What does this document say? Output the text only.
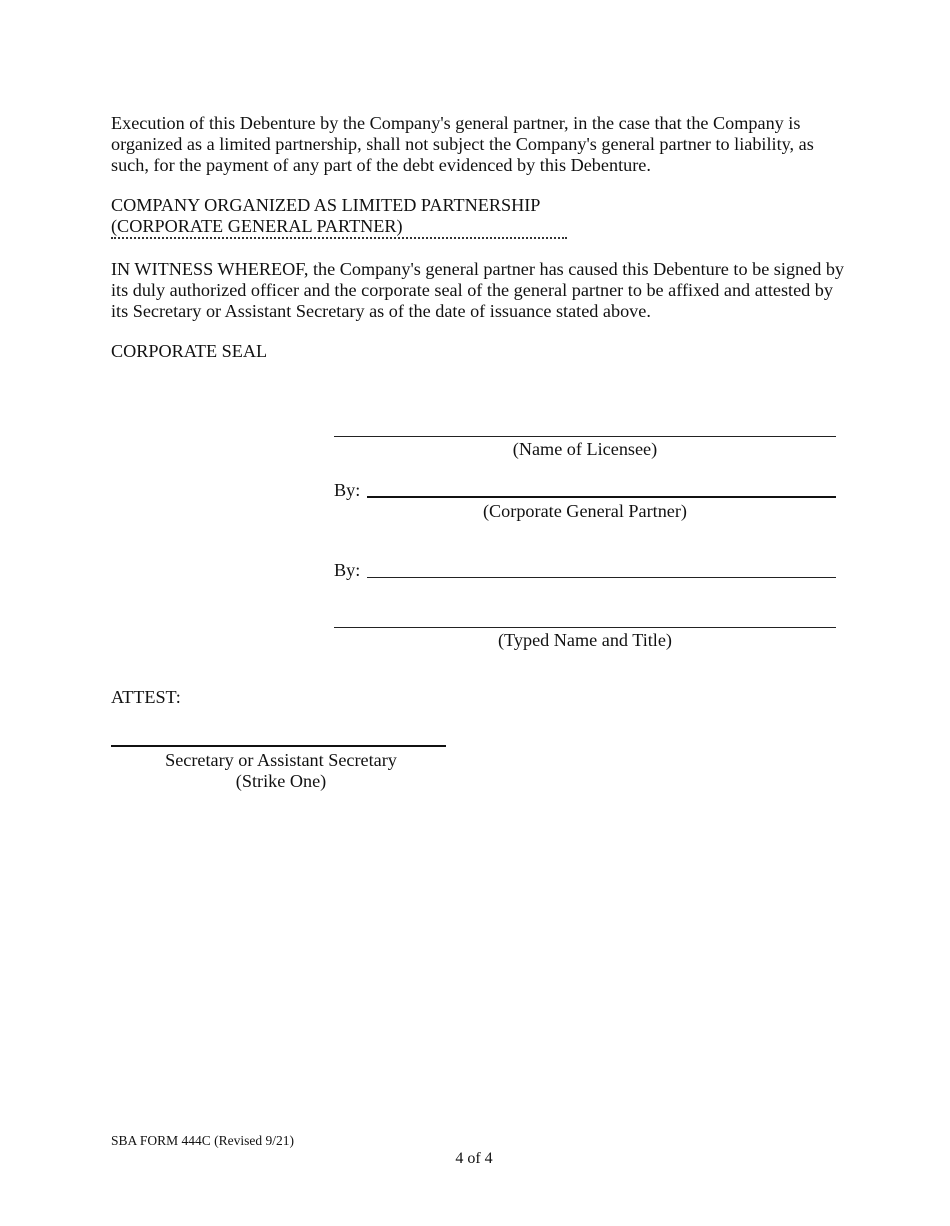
Execution of this Debenture by the Company's general partner, in the case that the Company is organized as a limited partnership, shall not subject the Company's general partner to liability, as such, for the payment of any part of the debt evidenced by this Debenture.

COMPANY ORGANIZED AS LIMITED PARTNERSHIP
(CORPORATE GENERAL PARTNER)

IN WITNESS WHEREOF, the Company's general partner has caused this Debenture to be signed by its duly authorized officer and the corporate seal of the general partner to be affixed and attested by its Secretary or Assistant Secretary as of the date of issuance stated above.

CORPORATE SEAL

(Name of Licensee)
By:
(Corporate General Partner)
By:
(Typed Name and Title)

ATTEST:

Secretary or Assistant Secretary
(Strike One)
SBA FORM 444C (Revised 9/21)
4 of 4
